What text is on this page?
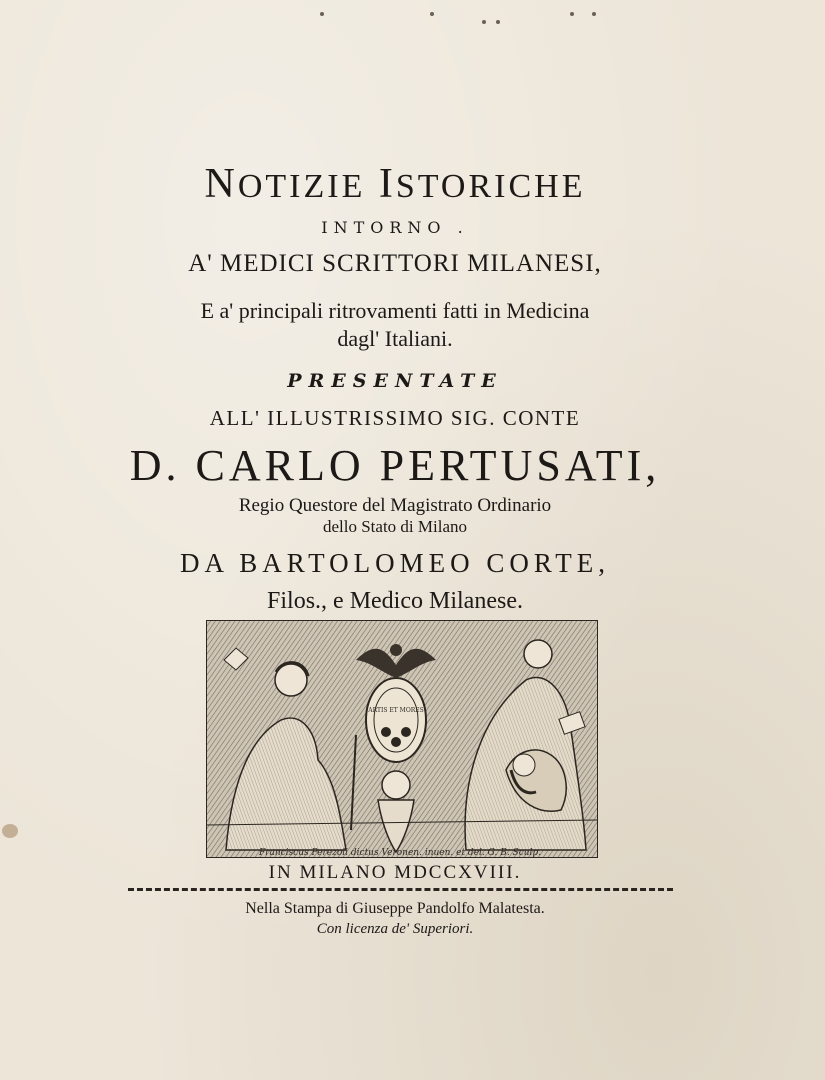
NOTIZIE ISTORICHE
INTORNO .
A' MEDICI SCRITTORI MILANESI,
E a' principali ritrovamenti fatti in Medicina
dagl' Italiani.
PRESENTATE
ALL' ILLUSTRISSIMO SIG. CONTE
D. CARLO PERTUSATI,
Regio Questore del Magistrato Ordinario
dello Stato di Milano
DA BARTOLOMEO CORTE,
Filos., e Medico Milanese.
ARTIS ET MORES
Franciscus Perezoli dictus Veronen. inuen. et del. G. B. Sculp.
IN MILANO MDCCXVIII.
Nella Stampa di Giuseppe Pandolfo Malatesta.
Con licenza de' Superiori.
